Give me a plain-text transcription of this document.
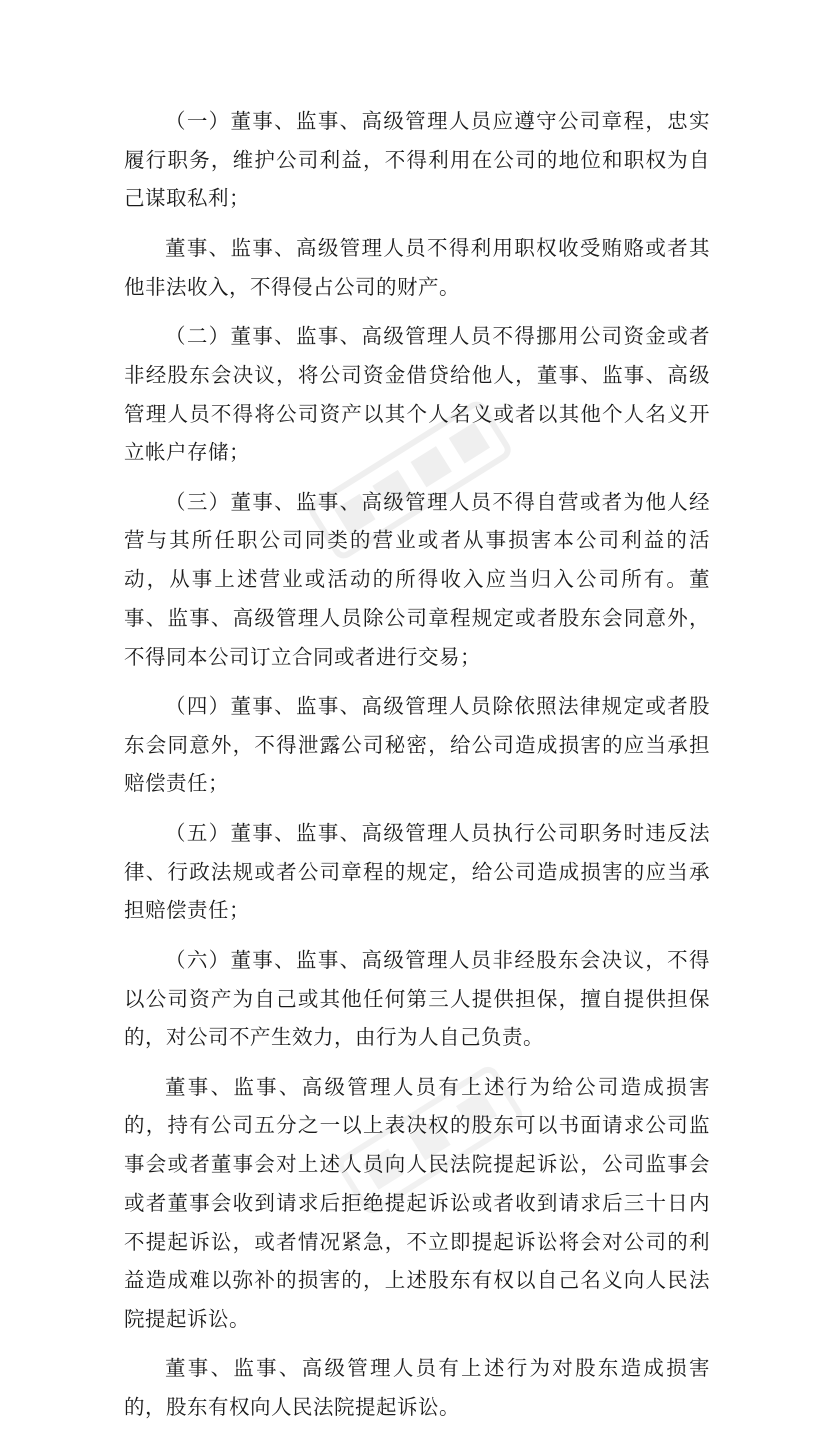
（一）董事、监事、高级管理人员应遵守公司章程，忠实履行职务，维护公司利益，不得利用在公司的地位和职权为自己谋取私利；

董事、监事、高级管理人员不得利用职权收受贿赂或者其他非法收入，不得侵占公司的财产。

（二）董事、监事、高级管理人员不得挪用公司资金或者非经股东会决议，将公司资金借贷给他人，董事、监事、高级管理人员不得将公司资产以其个人名义或者以其他个人名义开立帐户存储；

（三）董事、监事、高级管理人员不得自营或者为他人经营与其所任职公司同类的营业或者从事损害本公司利益的活动，从事上述营业或活动的所得收入应当归入公司所有。董事、监事、高级管理人员除公司章程规定或者股东会同意外，不得同本公司订立合同或者进行交易；

（四）董事、监事、高级管理人员除依照法律规定或者股东会同意外，不得泄露公司秘密，给公司造成损害的应当承担赔偿责任；

（五）董事、监事、高级管理人员执行公司职务时违反法律、行政法规或者公司章程的规定，给公司造成损害的应当承担赔偿责任；

（六）董事、监事、高级管理人员非经股东会决议，不得以公司资产为自己或其他任何第三人提供担保，擅自提供担保的，对公司不产生效力，由行为人自己负责。

董事、监事、高级管理人员有上述行为给公司造成损害的，持有公司五分之一以上表决权的股东可以书面请求公司监事会或者董事会对上述人员向人民法院提起诉讼，公司监事会或者董事会收到请求后拒绝提起诉讼或者收到请求后三十日内不提起诉讼，或者情况紧急，不立即提起诉讼将会对公司的利益造成难以弥补的损害的，上述股东有权以自己名义向人民法院提起诉讼。

董事、监事、高级管理人员有上述行为对股东造成损害的，股东有权向人民法院提起诉讼。
